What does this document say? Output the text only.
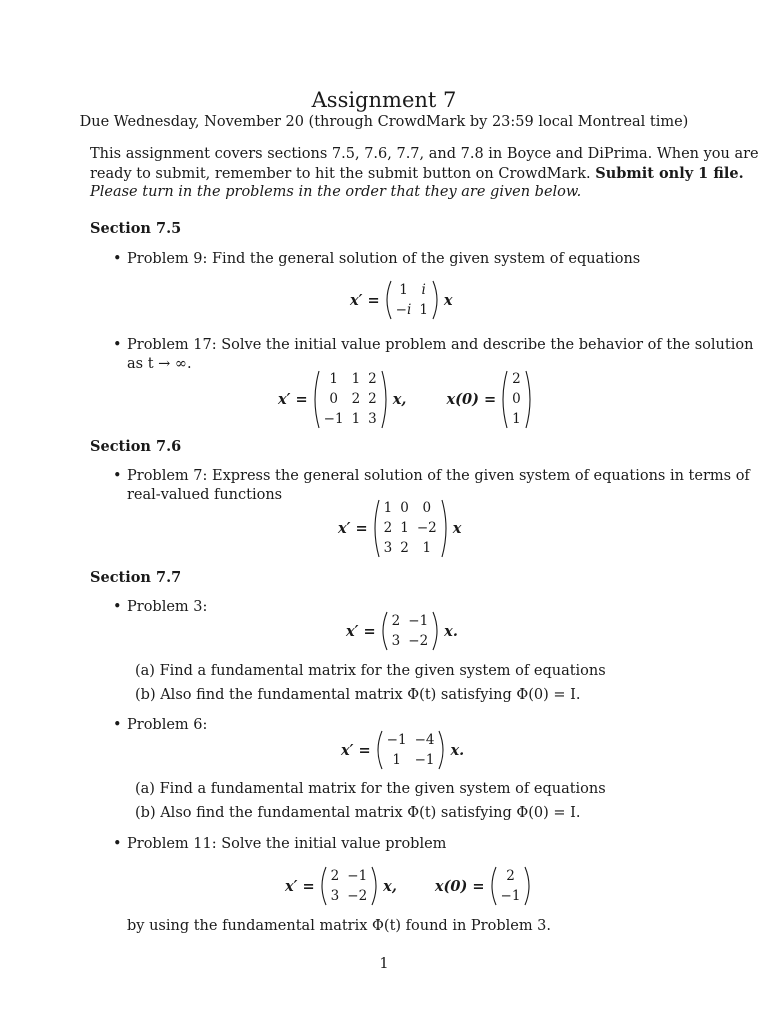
Assignment 7
Due Wednesday, November 20 (through CrowdMark by 23:59 local Montreal time)
This assignment covers sections 7.5, 7.6, 7.7, and 7.8 in Boyce and DiPrima. When you are
ready to submit, remember to hit the submit button on CrowdMark. Submit only 1 file.
Please turn in the problems in the order that they are given below.
Section 7.5
• Problem 9: Find the general solution of the given system of equations
x′ =
1	i
−i	1
x
• Problem 17: Solve the initial value problem and describe the behavior of the solution
as t → ∞.
x′ =
1	1	2
0	2	2
−1	1	3
x,	x(0) =
2
0
1
Section 7.6
• Problem 7: Express the general solution of the given system of equations in terms of
real-valued functions
x′ =
1	0	0
2	1	−2
3	2	1
x
Section 7.7
• Problem 3:
x′ =
2	−1
3	−2
x.
(a) Find a fundamental matrix for the given system of equations
(b) Also find the fundamental matrix Φ(t) satisfying Φ(0) = I.
• Problem 6:
x′ =
−1	−4
1	−1
x.
(a) Find a fundamental matrix for the given system of equations
(b) Also find the fundamental matrix Φ(t) satisfying Φ(0) = I.
• Problem 11: Solve the initial value problem
x′ =
2	−1
3	−2
x,	x(0) =
2
−1
by using the fundamental matrix Φ(t) found in Problem 3.
1
